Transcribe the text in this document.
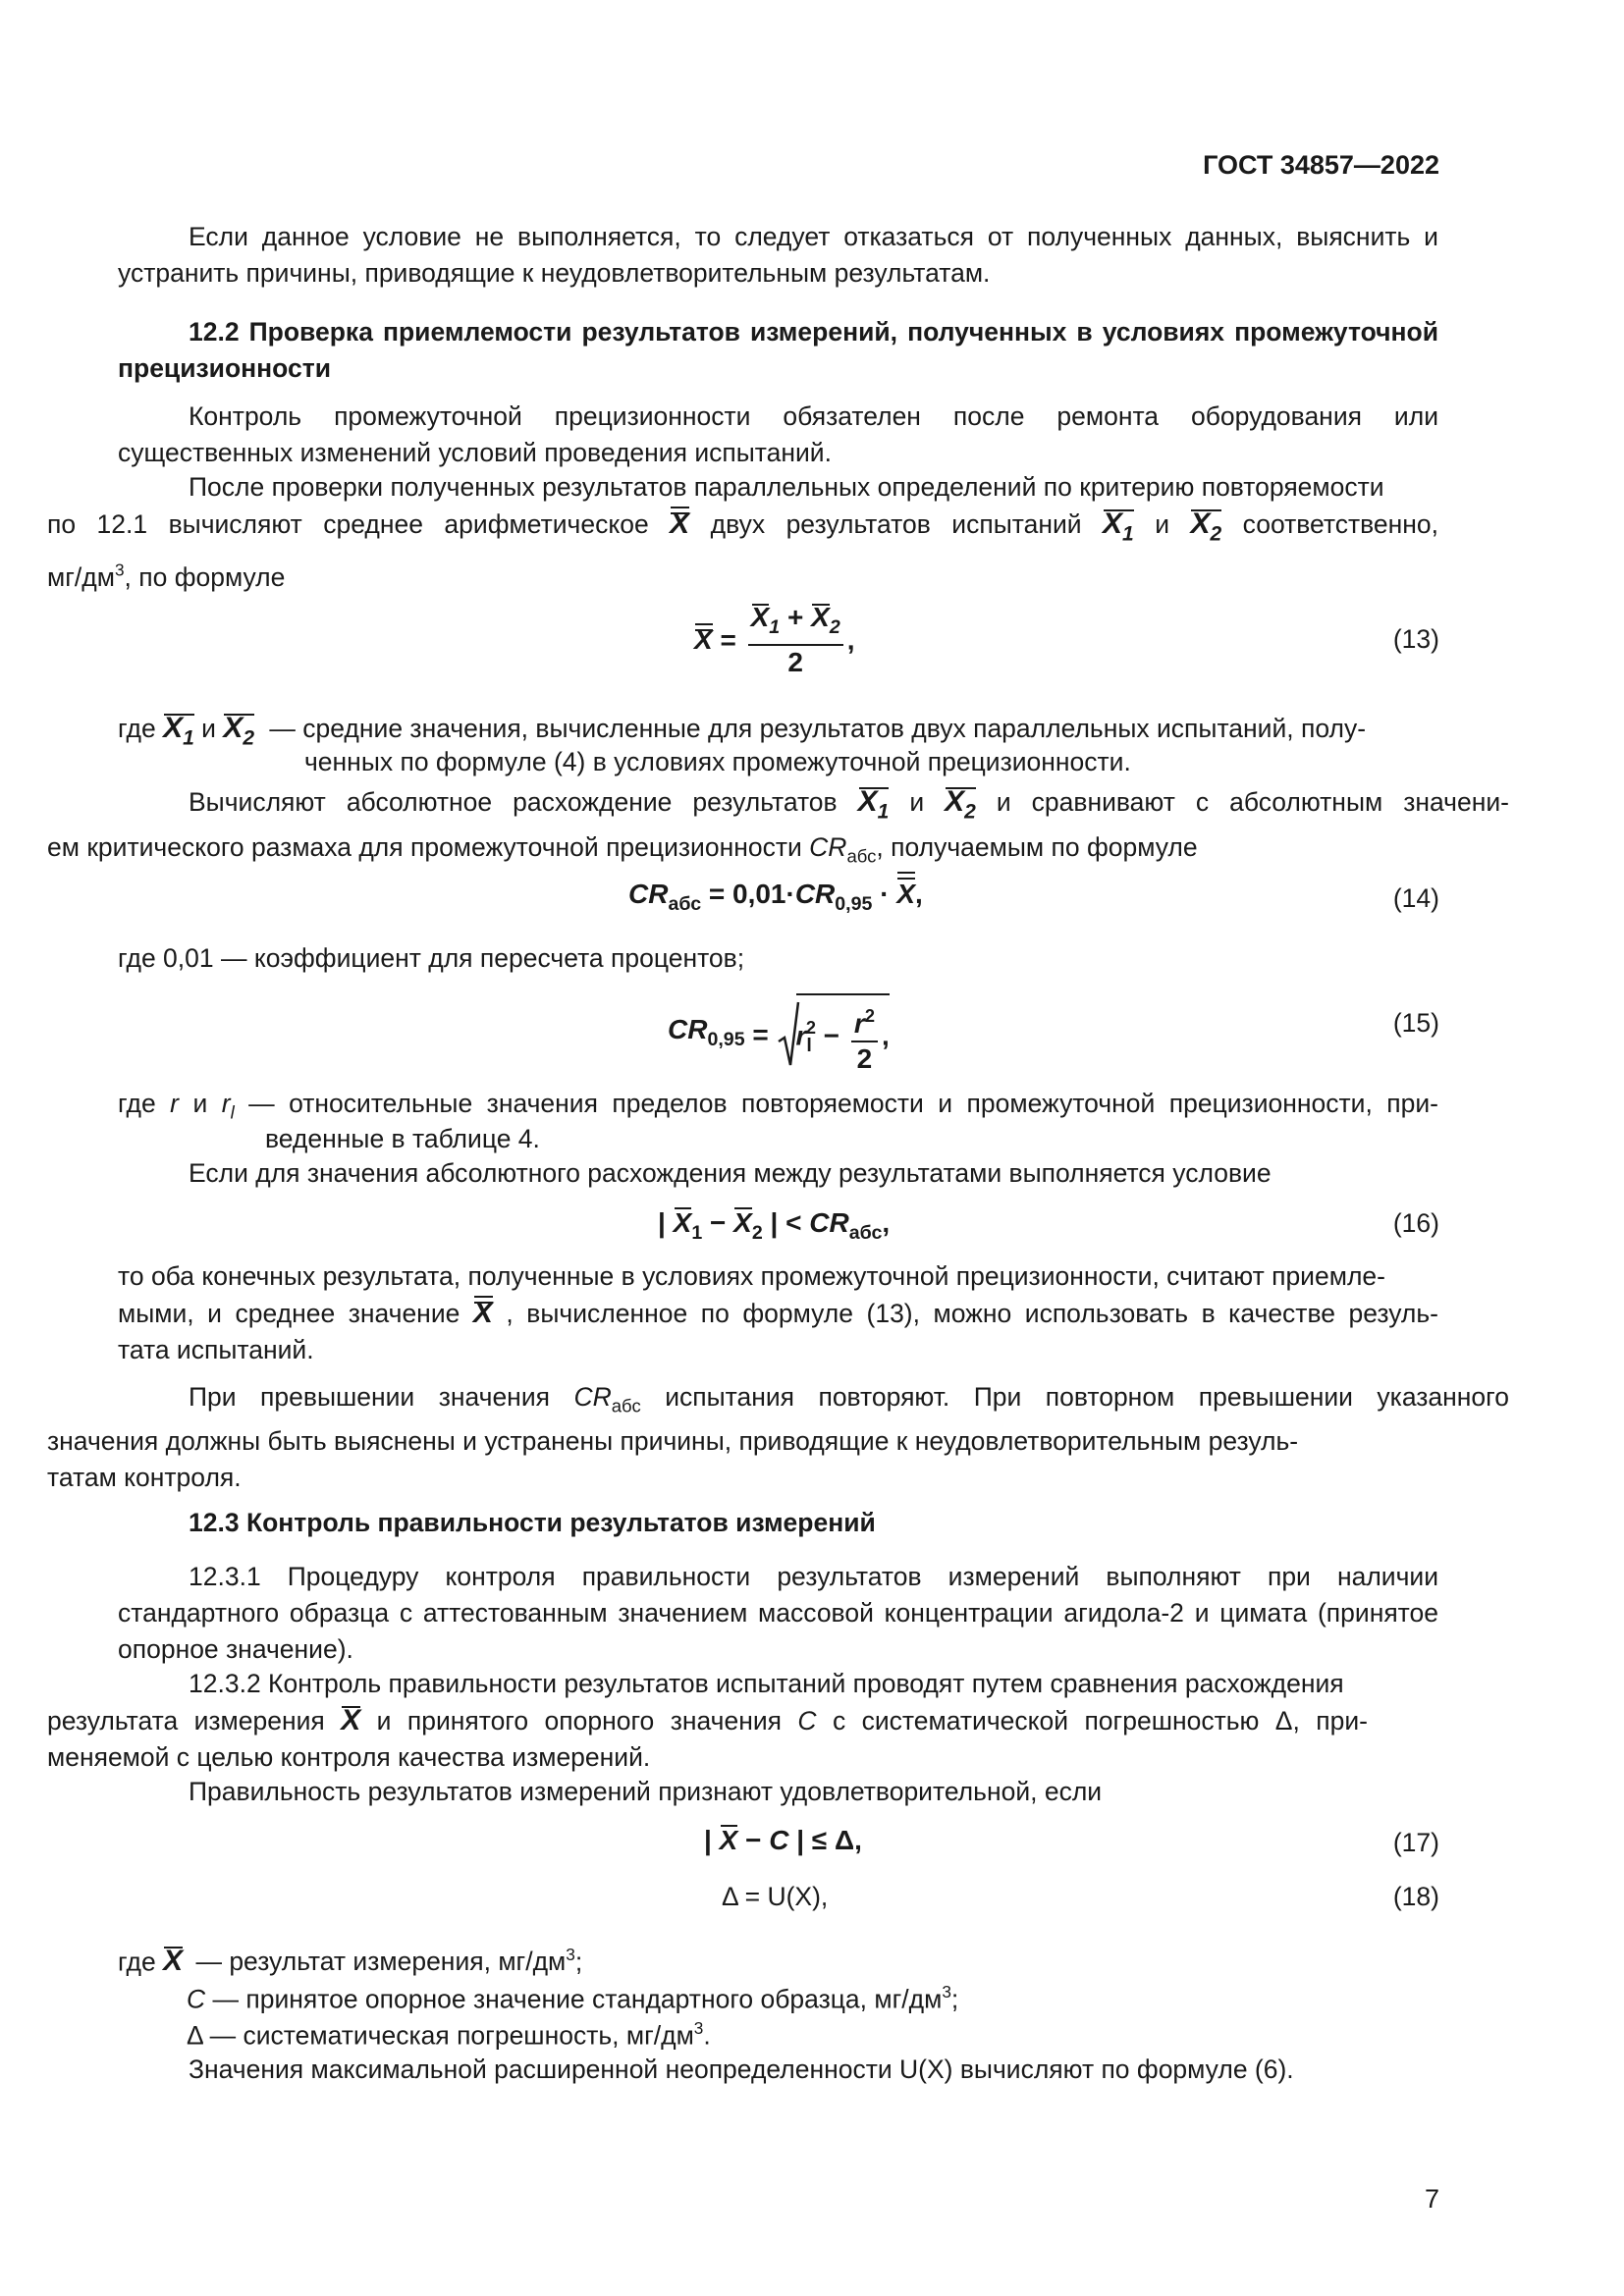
ГОСТ 34857—2022
Если данное условие не выполняется, то следует отказаться от полученных данных, выяснить и устранить причины, приводящие к неудовлетворительным результатам.
12.2 Проверка приемлемости результатов измерений, полученных в условиях промежуточной прецизионности
Контроль промежуточной прецизионности обязателен после ремонта оборудования или существенных изменений условий проведения испытаний.
После проверки полученных результатов параллельных определений по критерию повторяемости
по 12.1 вычисляют среднее арифметическое X двух результатов испытаний $X_1$ и $X_2$ соответственно,
$мг/дм^3$, по формуле
$X = \frac{X_1 + X_2}{2}$ ,	(13)
где $X_1$ и $X_2$ — средние значения, вычисленные для результатов двух параллельных испытаний, полу-
ченных по формуле (4) в условиях промежуточной прецизионности.
Вычисляют абсолютное расхождение результатов $X_1$ и $X_2$ и сравнивают с абсолютным значени-
ем критического размаха для промежуточной прецизионности $CR_{абс}$, получаемым по формуле
$CR_{абс} = 0,01\cdot CR_{0,95} \cdot X$,	(14)
где 0,01 — коэффициент для пересчета процентов;
$CR_{0,95} = r_l^2 - \frac{r^2}{2}$ ,	(15)
где r и $r_l$ — относительные значения пределов повторяемости и промежуточной прецизионности, при-
веденные в таблице 4.
Если для значения абсолютного расхождения между результатами выполняется условие
| $X_1 - X_2$ | < $CR_{абс}$,	(16)
то оба конечных результата, полученные в условиях промежуточной прецизионности, считают приемле-
мыми, и среднее значение X , вычисленное по формуле (13), можно использовать в качестве резуль-
тата испытаний.
При превышении значения $CR_{абс}$ испытания повторяют. При повторном превышении указанного
значения должны быть выяснены и устранены причины, приводящие к неудовлетворительным резуль-
татам контроля.
12.3 Контроль правильности результатов измерений
12.3.1 Процедуру контроля правильности результатов измерений выполняют при наличии стандартного образца с аттестованным значением массовой концентрации агидола-2 и цимата (принятое опорное значение).
12.3.2 Контроль правильности результатов испытаний проводят путем сравнения расхождения
результата измерения X и принятого опорного значения C с систематической погрешностью Δ, при-
меняемой с целью контроля качества измерений.
Правильность результатов измерений признают удовлетворительной, если
| X − C | ≤ Δ,	(17)
Δ = U(X),	(18)
где X — результат измерения, $мг/дм^3$;
C — принятое опорное значение стандартного образца, $мг/дм^3$;
Δ — систематическая погрешность, $мг/дм^3$.
Значения максимальной расширенной неопределенности U(X) вычисляют по формуле (6).
7
